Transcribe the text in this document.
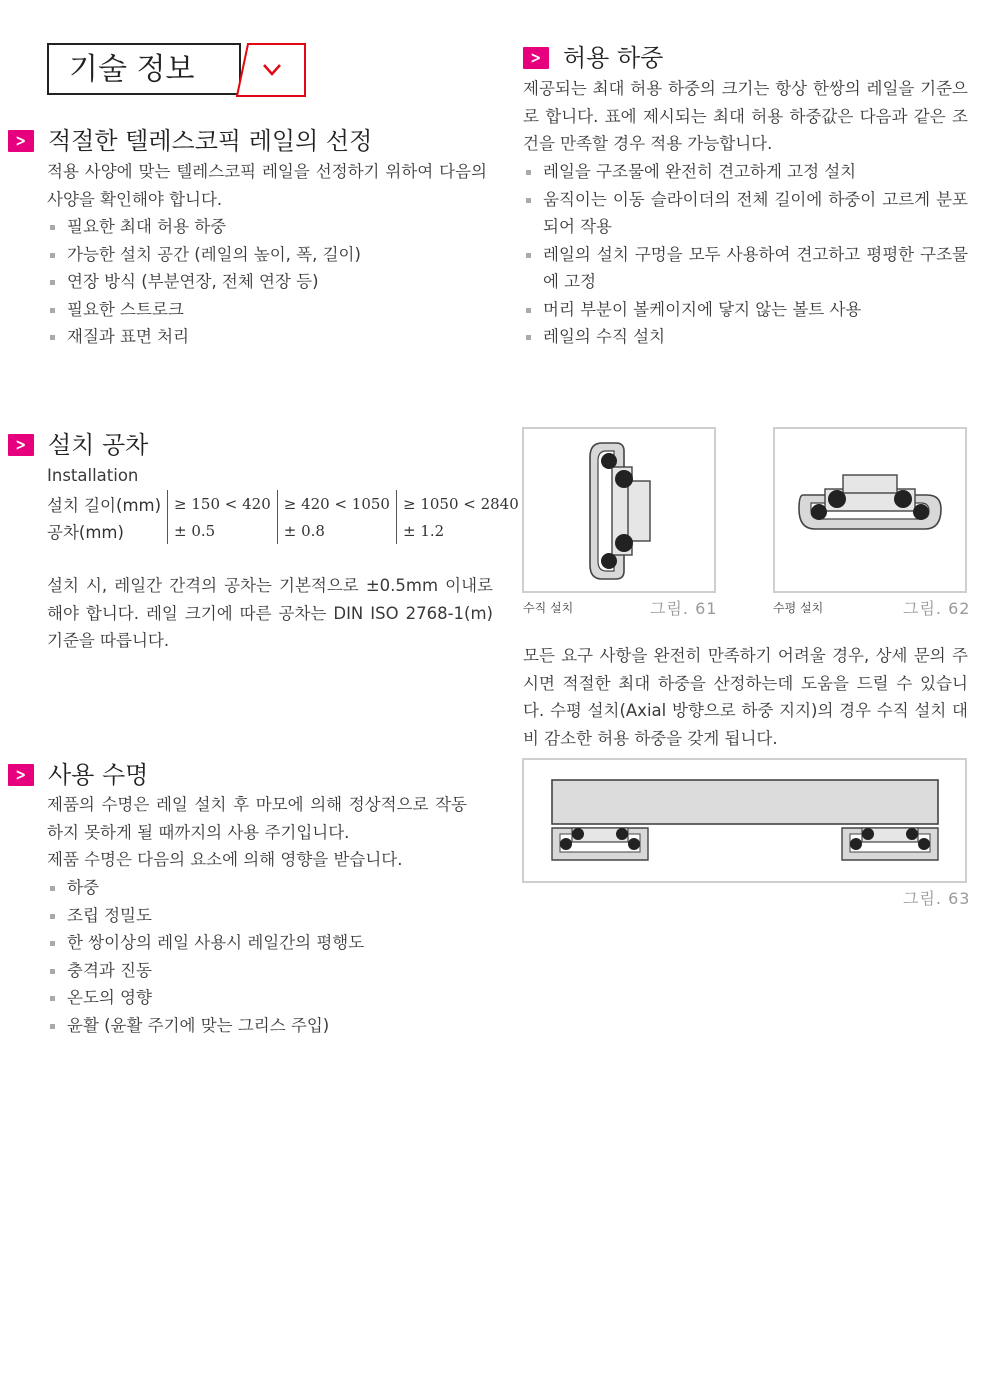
기술 정보
> 적절한 텔레스코픽 레일의 선정
적용 사양에 맞는 텔레스코픽 레일을 선정하기 위하여 다음의 사양을 확인해야 합니다.
필요한 최대 허용 하중
가능한 설치 공간 (레일의 높이, 폭, 길이)
연장 방식 (부분연장, 전체 연장 등)
필요한 스트로크
재질과 표면 처리
> 설치 공차
Installation
설치 길이(mm)	≥ 150 < 420	≥ 420 < 1050	≥ 1050 < 2840
공차(mm)	± 0.5	± 0.8	± 1.2
설치 시, 레일간 간격의 공차는 기본적으로 ±0.5mm 이내로 해야 합니다. 레일 크기에 따른 공차는 DIN ISO 2768-1(m) 기준을 따릅니다.
> 사용 수명
제품의 수명은 레일 설치 후 마모에 의해 정상적으로 작동하지 못하게 될 때까지의 사용 주기입니다.
제품 수명은 다음의 요소에 의해 영향을 받습니다.
하중
조립 정밀도
한 쌍이상의 레일 사용시 레일간의 평행도
충격과 진동
온도의 영향
윤활 (윤활 주기에 맞는 그리스 주입)
> 허용 하중
제공되는 최대 허용 하중의 크기는 항상 한쌍의 레일을 기준으로 합니다. 표에 제시되는 최대 허용 하중값은 다음과 같은 조건을 만족할 경우 적용 가능합니다.
레일을 구조물에 완전히 견고하게 고정 설치
움직이는 이동 슬라이더의 전체 길이에 하중이 고르게 분포되어 작용
레일의 설치 구멍을 모두 사용하여 견고하고 평평한 구조물에 고정
머리 부분이 볼케이지에 닿지 않는 볼트 사용
레일의 수직 설치
수직 설치	그림. 61	수평 설치	그림. 62
모든 요구 사항을 완전히 만족하기 어려울 경우, 상세 문의 주시면 적절한 최대 하중을 산정하는데 도움을 드릴 수 있습니다. 수평 설치(Axial 방향으로 하중 지지)의 경우 수직 설치 대비 감소한 허용 하중을 갖게 됩니다.
그림. 63
